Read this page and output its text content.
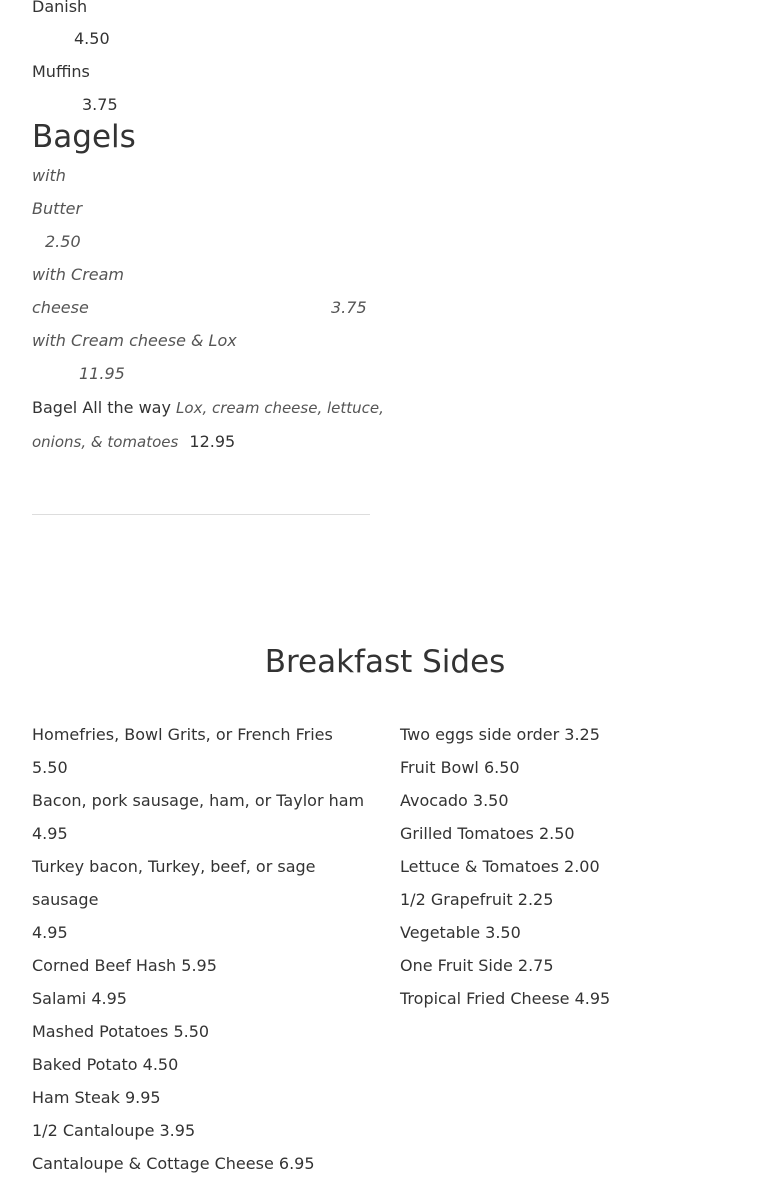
Danish
4.50
Muffins
3.75
Bagels
with
Butter
2.50
with Cream
cheese	3.75
with Cream cheese & Lox
11.95
Bagel All the way Lox, cream cheese, lettuce,
onions, & tomatoes 12.95
Breakfast Sides
Homefries, Bowl Grits, or French Fries 5.50
Bacon, pork sausage, ham, or Taylor ham
4.95
Turkey bacon, Turkey, beef, or sage sausage
4.95
Corned Beef Hash 5.95
Salami 4.95
Mashed Potatoes 5.50
Baked Potato 4.50
Ham Steak 9.95
1/2 Cantaloupe 3.95
Cantaloupe & Cottage Cheese 6.95
Two eggs side order 3.25
Fruit Bowl 6.50
Avocado 3.50
Grilled Tomatoes 2.50
Lettuce & Tomatoes 2.00
1/2 Grapefruit 2.25
Vegetable 3.50
One Fruit Side 2.75
Tropical Fried Cheese 4.95
